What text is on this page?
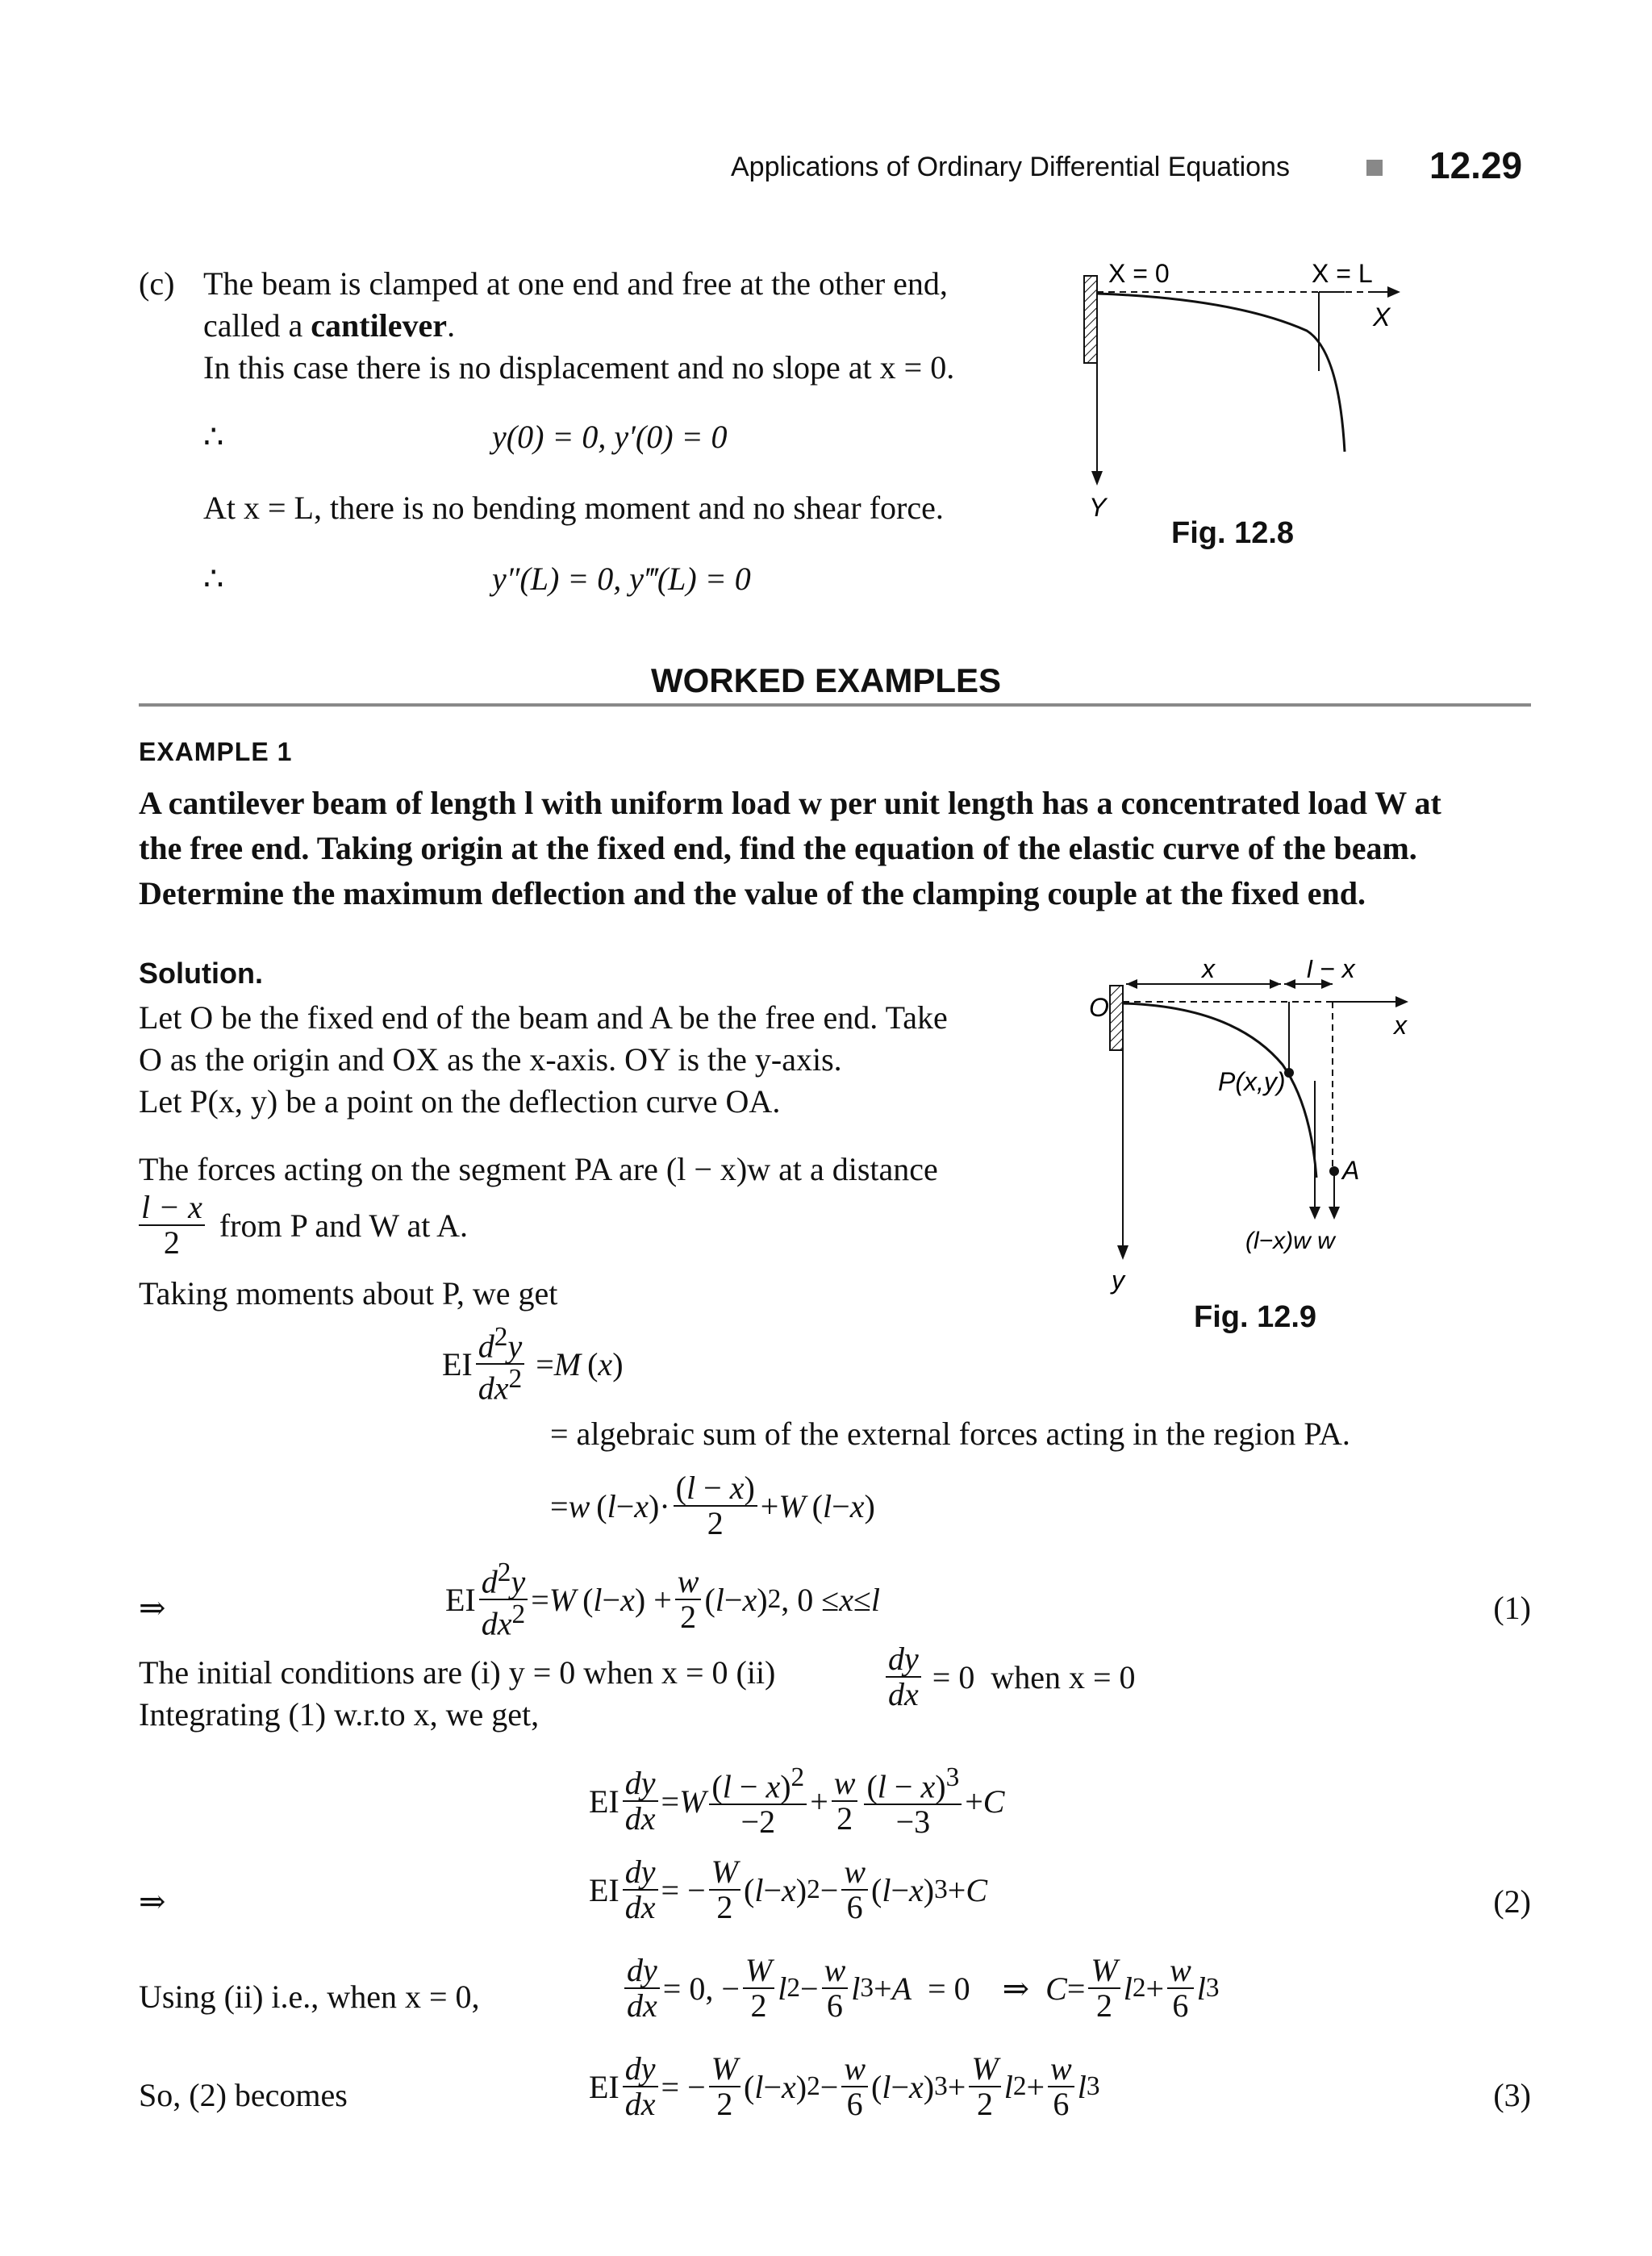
Applications of Ordinary Differential Equations	12.29
(c) The beam is clamped at one end and free at the other end,
called a cantilever.
In this case there is no displacement and no slope at x = 0.
∴	y(0) = 0, y′(0) = 0
At x = L, there is no bending moment and no shear force.
∴	y″(L) = 0, y‴(L) = 0
X = 0	X = L
X
Y
Fig. 12.8
WORKED EXAMPLES
EXAMPLE 1
A cantilever beam of length l with uniform load w per unit length has a concentrated load W at
the free end. Taking origin at the fixed end, find the equation of the elastic curve of the beam.
Determine the maximum deflection and the value of the clamping couple at the fixed end.
Solution.
Let O be the fixed end of the beam and A be the free end. Take
O as the origin and OX as the x-axis. OY is the y-axis.
Let P(x, y) be a point on the deflection curve OA.
The forces acting on the segment PA are (l − x)w at a distance
$\frac{l - x}{2}$ from P and W at A.
Taking moments about P, we get
O
x	l − x
x
P(x,y)
A
(l−x)w w
y
Fig. 12.9
EI $\frac{d^2y}{dx^2} = M$  ( x )
= algebraic sum of the external forces acting in the region PA.
= w  ( l − x )· $\frac{(l - x)}{2} + W$  ( l − x )
⇒	EI $\frac{d^2y}{dx^2} = W$  ( l − x ) + $\frac{w}{2}$ ( l − x ) 2 , 0 ≤ x ≤ l	(1)
The initial conditions are (i) y = 0 when x = 0 (ii)	$\frac{dy}{dx} = 0$ when x = 0
Integrating (1) w.r.to x, we get,
EI $\frac{dy}{dx} = W \frac{(l - x)^2}{-2} + \frac{w}{2} \frac{(l - x)^3}{-3} + C$
⇒	EI $\frac{dy}{dx}$ = − $\frac{W}{2}$ ( l − x ) $2 - \frac{w}{6}$ ( l − x ) 3 + C	(2)
Using (ii) i.e., when x = 0,	$\frac{dy}{dx} = 0$, − $\frac{W}{2}$ l $2 - \frac{w}{6}$ l 3 + A = 0    ⇒ $C = \frac{W}{2}$ l $2 + \frac{w}{6}$ l 3
So, (2) becomes	EI $\frac{dy}{dx}$ = − $\frac{W}{2}$ ( l − x ) $2 - \frac{w}{6}$ ( l − x ) $3 + \frac{W}{2}$ l $2 + \frac{w}{6}$ l 3	(3)
